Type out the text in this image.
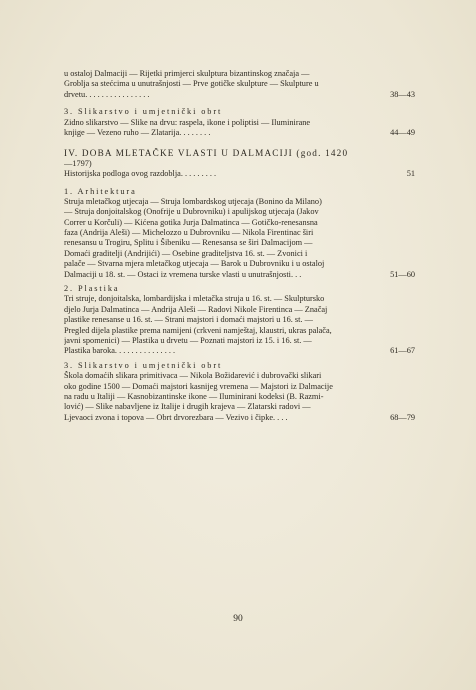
u ostaloj Dalmaciji — Rijetki primjerci skulptura bizantinskog značaja —
Groblja sa stećcima u unutrašnjosti — Prve gotičke skulpture — Skulpture u
drvetu. . . . . . . . . . . . . . . .	38—43
3. Slikarstvo i umjetnički obrt
Zidno slikarstvo — Slike na drvu: raspela, ikone i poliptisi — Iluminirane
knjige — Vezeno ruho — Zlatarija. . . . . . . .	44—49
IV. DOBA MLETAČKE VLASTI U DALMACIJI (god. 1420
—1797)
Historijska podloga ovog razdoblja. . . . . . . . .	51
1. Arhitektura
Struja mletačkog utjecaja — Struja lombardskog utjecaja (Bonino da Milano)
— Struja donjoitalskog (Onofrije u Dubrovniku) i apuliјskog utjecaja (Jakov
Correr u Korčuli) — Kićena gotika Jurja Dalmatinca — Gotičko-renesansna
faza (Andrija Aleši) — Michelozzo u Dubrovniku — Nikola Firentinac širi
renesansu u Trogiru, Splitu i Šibeniku — Renesansa se širi Dalmacijom —
Domaći graditelji (Andrijići) — Osebine graditeljstva 16. st. — Zvonici i
palače — Stvarna mjera mletačkog utjecaja — Barok u Dubrovniku i u ostaloj
Dalmaciji u 18. st. — Ostaci iz vremena turske vlasti u unutrašnjosti. . .	51—60
2. Plastika
Tri struje, donjoitalska, lombardijska i mletačka struja u 16. st. — Skulptursko
djelo Jurja Dalmatinca — Andrija Aleši — Radovi Nikole Firentinca — Značaj
plastike renesanse u 16. st. — Strani majstori i domaći majstori u 16. st. —
Pregled dijela plastike prema namijeni (crkveni namještaj, klaustri, ukras palača,
javni spomenici) — Plastika u drvetu — Poznati majstori iz 15. i 16. st. —
Plastika baroka. . . . . . . . . . . . . . .	61—67
3. Slikarstvo i umjetnički obrt
Škola domaćih slikara primitivaca — Nikola Božidarević i dubrovački slikari
oko godine 1500 — Domaći majstori kasnijeg vremena — Majstori iz Dalmacije
na radu u Italiji — Kasnobizantinske ikone — Iluminirani kodeksi (B. Razmi-
lović) — Slike nabavljene iz Italije i drugih krajeva — Zlatarski radovi —
Ljevaoci zvona i topova — Obrt drvorezbara — Vezivo i čipke. . . .	68—79
90
